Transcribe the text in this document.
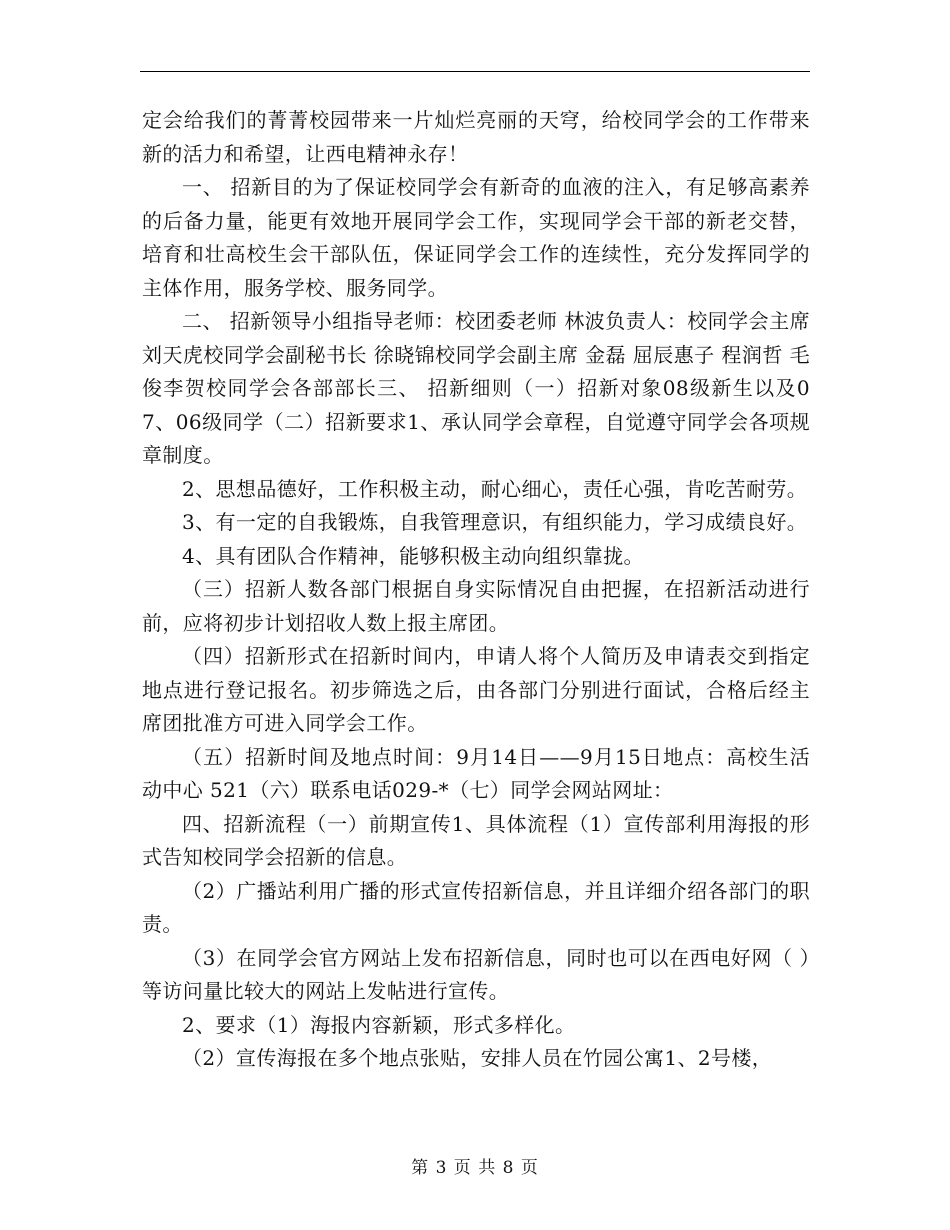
定会给我们的菁菁校园带来一片灿烂亮丽的天穹，给校同学会的工作带来新的活力和希望，让西电精神永存！

一、 招新目的为了保证校同学会有新奇的血液的注入，有足够高素养的后备力量，能更有效地开展同学会工作，实现同学会干部的新老交替，培育和壮高校生会干部队伍，保证同学会工作的连续性，充分发挥同学的主体作用，服务学校、服务同学。

二、 招新领导小组指导老师：校团委老师 林波负责人：校同学会主席 刘天虎校同学会副秘书长 徐晓锦校同学会副主席 金磊 屈辰惠子 程润哲 毛俊李贺校同学会各部部长三、 招新细则（一）招新对象08级新生以及07、06级同学（二）招新要求1、承认同学会章程，自觉遵守同学会各项规章制度。

2、思想品德好，工作积极主动，耐心细心，责任心强，肯吃苦耐劳。

3、有一定的自我锻炼，自我管理意识，有组织能力，学习成绩良好。

4、具有团队合作精神，能够积极主动向组织靠拢。

（三）招新人数各部门根据自身实际情况自由把握，在招新活动进行前，应将初步计划招收人数上报主席团。

（四）招新形式在招新时间内，申请人将个人简历及申请表交到指定地点进行登记报名。初步筛选之后，由各部门分别进行面试，合格后经主席团批准方可进入同学会工作。

（五）招新时间及地点时间：9月14日——9月15日地点：高校生活动中心 521（六）联系电话029-*（七）同学会网站网址：

四、招新流程（一）前期宣传1、具体流程（1）宣传部利用海报的形式告知校同学会招新的信息。

（2）广播站利用广播的形式宣传招新信息，并且详细介绍各部门的职责。

（3）在同学会官方网站上发布招新信息，同时也可以在西电好网（ ）等访问量比较大的网站上发帖进行宣传。

2、要求（1）海报内容新颖，形式多样化。

（2）宣传海报在多个地点张贴，安排人员在竹园公寓1、2号楼，

第 3 页 共 8 页
